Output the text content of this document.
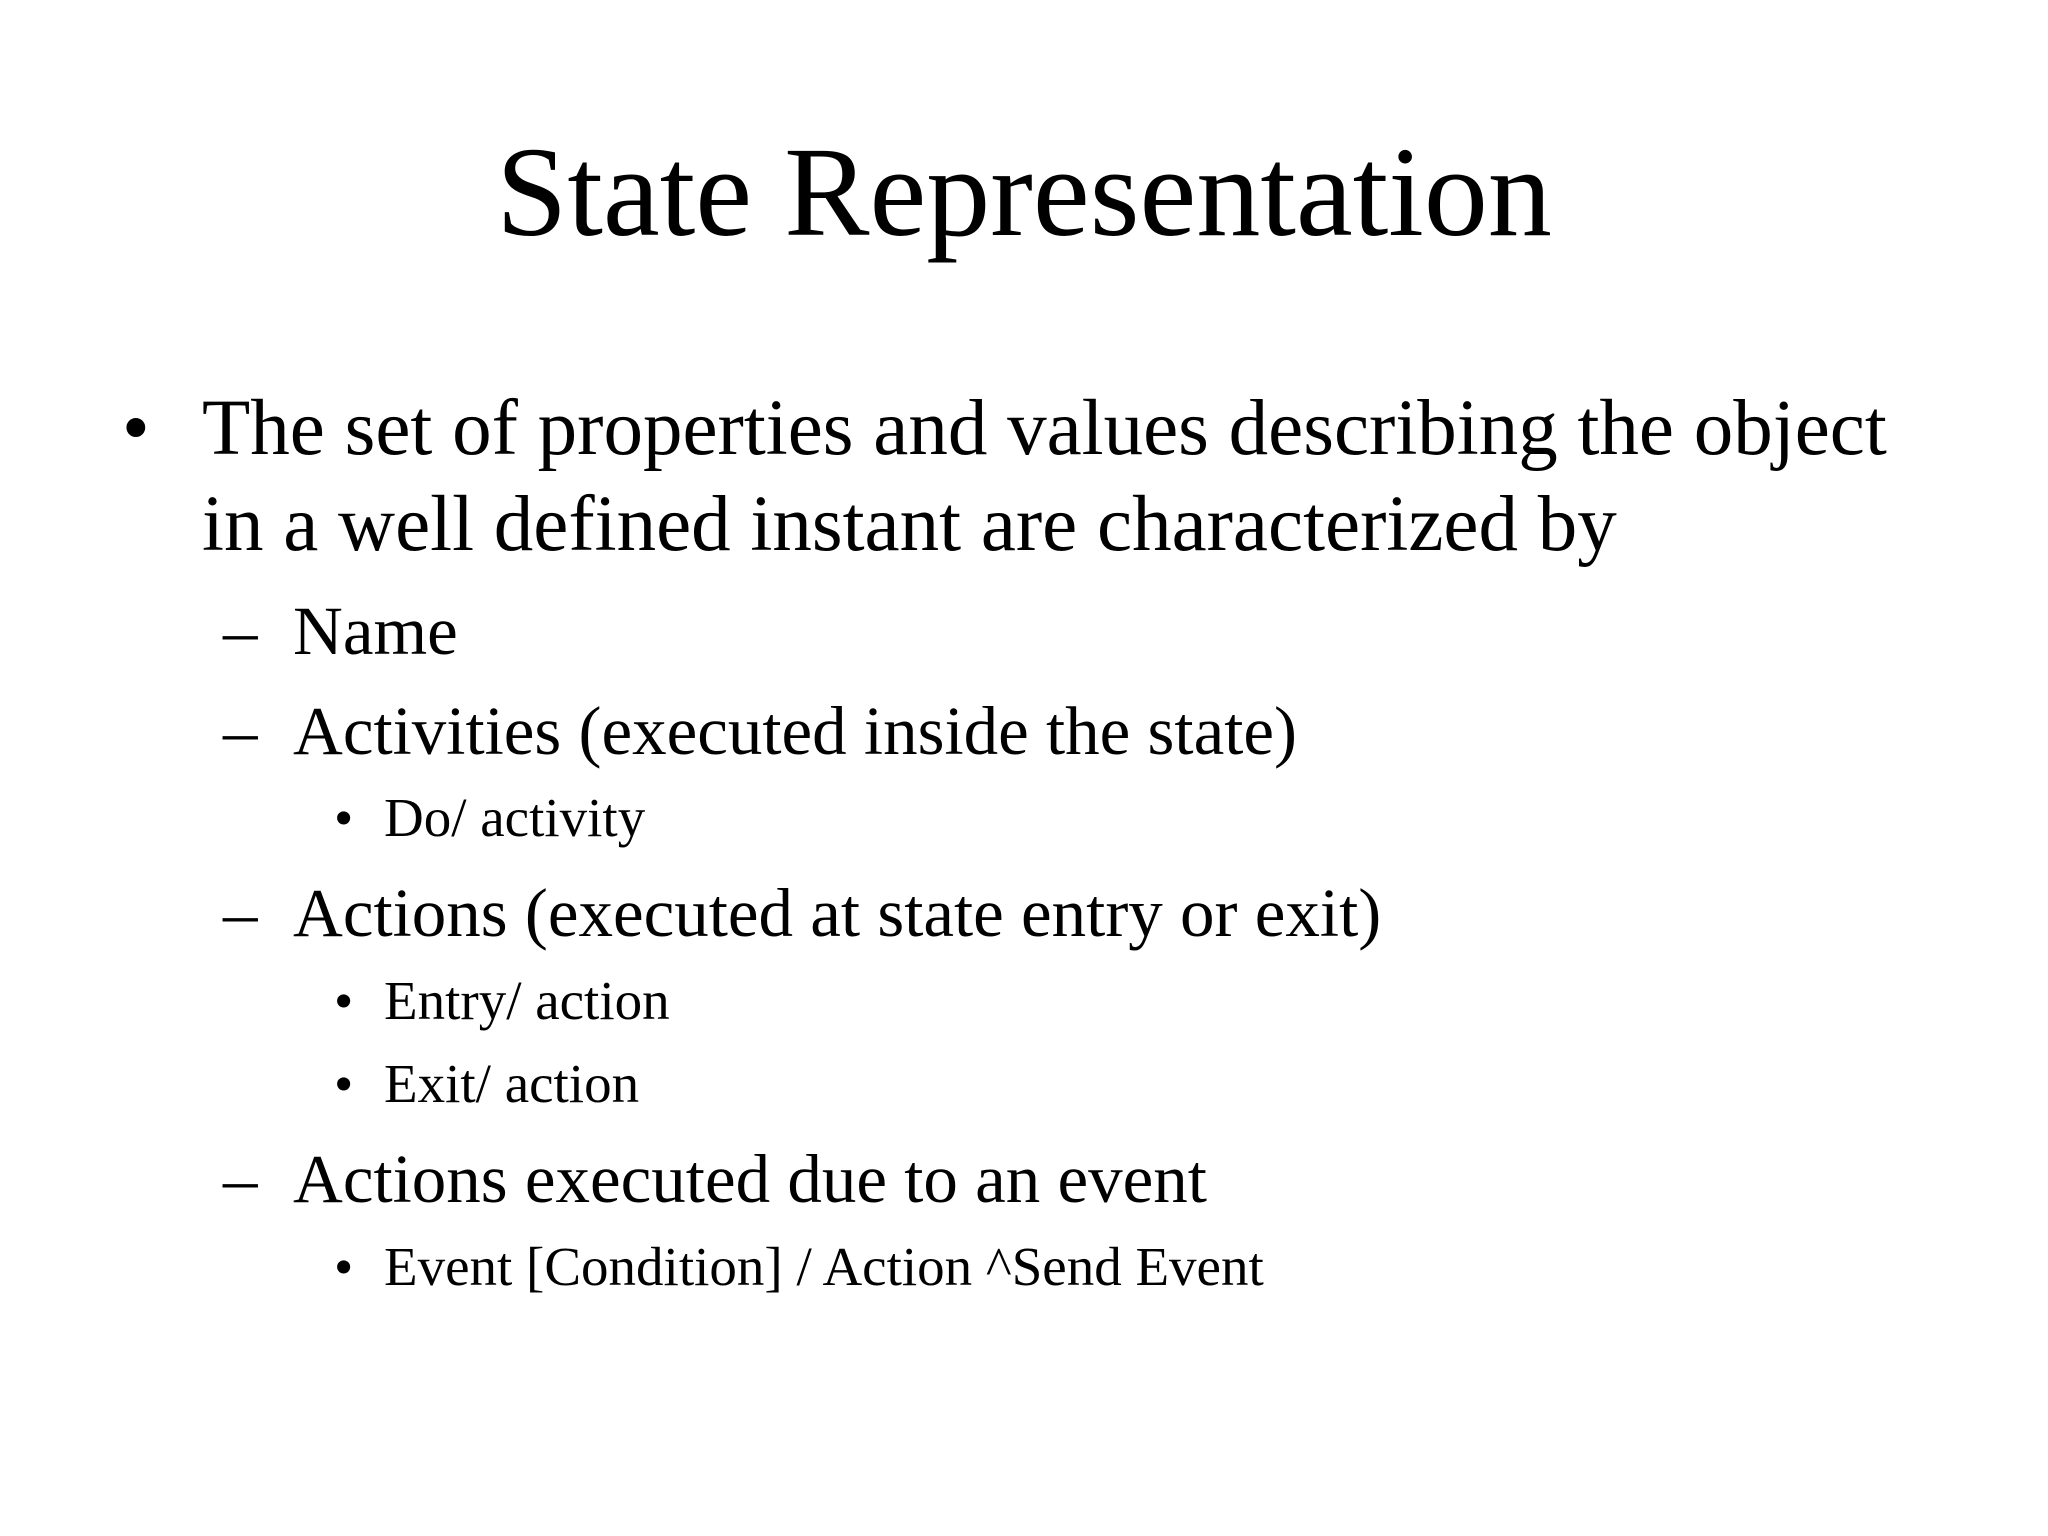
State Representation
• The set of properties and values describing the object
in a well defined instant are characterized by
– Name
– Activities (executed inside the state)
• Do/ activity
– Actions (executed at state entry or exit)
• Entry/ action
• Exit/ action
– Actions executed due to an event
• Event [Condition] / Action ^Send Event
